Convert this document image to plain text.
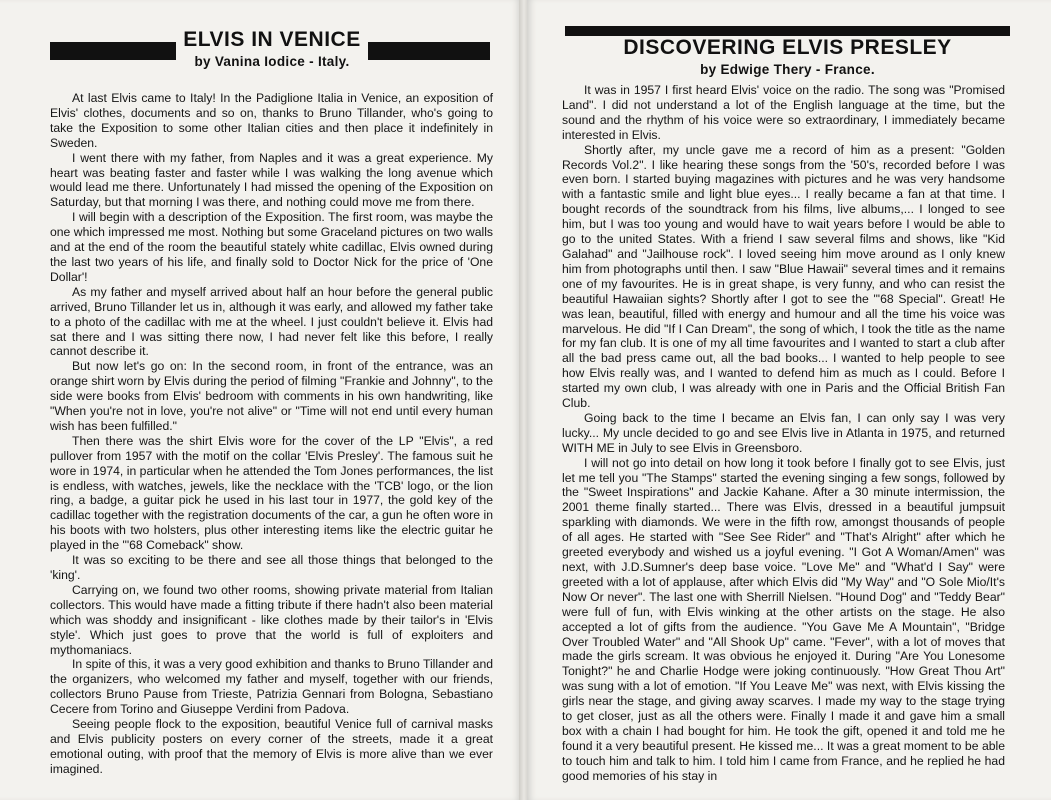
ELVIS IN VENICE
by Vanina Iodice - Italy.

At last Elvis came to Italy! In the Padiglione Italia in Venice, an exposition of Elvis' clothes, documents and so on, thanks to Bruno Tillander, who's going to take the Exposition to some other Italian cities and then place it indefinitely in Sweden.

I went there with my father, from Naples and it was a great experience. My heart was beating faster and faster while I was walking the long avenue which would lead me there. Unfortunately I had missed the opening of the Exposition on Saturday, but that morning I was there, and nothing could move me from there.

I will begin with a description of the Exposition. The first room, was maybe the one which impressed me most. Nothing but some Graceland pictures on two walls and at the end of the room the beautiful stately white cadillac, Elvis owned during the last two years of his life, and finally sold to Doctor Nick for the price of 'One Dollar'!

As my father and myself arrived about half an hour before the general public arrived, Bruno Tillander let us in, although it was early, and allowed my father take to a photo of the cadillac with me at the wheel. I just couldn't believe it. Elvis had sat there and I was sitting there now, I had never felt like this before, I really cannot describe it.

But now let's go on: In the second room, in front of the entrance, was an orange shirt worn by Elvis during the period of filming "Frankie and Johnny", to the side were books from Elvis' bedroom with comments in his own handwriting, like "When you're not in love, you're not alive" or "Time will not end until every human wish has been fulfilled."

Then there was the shirt Elvis wore for the cover of the LP "Elvis", a red pullover from 1957 with the motif on the collar 'Elvis Presley'. The famous suit he wore in 1974, in particular when he attended the Tom Jones performances, the list is endless, with watches, jewels, like the necklace with the 'TCB' logo, or the lion ring, a badge, a guitar pick he used in his last tour in 1977, the gold key of the cadillac together with the registration documents of the car, a gun he often wore in his boots with two holsters, plus other interesting items like the electric guitar he played in the "'68 Comeback" show.

It was so exciting to be there and see all those things that belonged to the 'king'.

Carrying on, we found two other rooms, showing private material from Italian collectors. This would have made a fitting tribute if there hadn't also been material which was shoddy and insignificant - like clothes made by their tailor's in 'Elvis style'. Which just goes to prove that the world is full of exploiters and mythomaniacs.

In spite of this, it was a very good exhibition and thanks to Bruno Tillander and the organizers, who welcomed my father and myself, together with our friends, collectors Bruno Pause from Trieste, Patrizia Gennari from Bologna, Sebastiano Cecere from Torino and Giuseppe Verdini from Padova.

Seeing people flock to the exposition, beautiful Venice full of carnival masks and Elvis publicity posters on every corner of the streets, made it a great emotional outing, with proof that the memory of Elvis is more alive than we ever imagined.

DISCOVERING ELVIS PRESLEY
by Edwige Thery - France.

It was in 1957 I first heard Elvis' voice on the radio. The song was "Promised Land". I did not understand a lot of the English language at the time, but the sound and the rhythm of his voice were so extraordinary, I immediately became interested in Elvis.

Shortly after, my uncle gave me a record of him as a present: "Golden Records Vol.2". I like hearing these songs from the '50's, recorded before I was even born. I started buying magazines with pictures and he was very handsome with a fantastic smile and light blue eyes... I really became a fan at that time. I bought records of the soundtrack from his films, live albums,... I longed to see him, but I was too young and would have to wait years before I would be able to go to the united States. With a friend I saw several films and shows, like "Kid Galahad" and "Jailhouse rock". I loved seeing him move around as I only knew him from photographs until then. I saw "Blue Hawaii" several times and it remains one of my favourites. He is in great shape, is very funny, and who can resist the beautiful Hawaiian sights? Shortly after I got to see the "'68 Special". Great! He was lean, beautiful, filled with energy and humour and all the time his voice was marvelous. He did "If I Can Dream", the song of which, I took the title as the name for my fan club. It is one of my all time favourites and I wanted to start a club after all the bad press came out, all the bad books... I wanted to help people to see how Elvis really was, and I wanted to defend him as much as I could. Before I started my own club, I was already with one in Paris and the Official British Fan Club.

Going back to the time I became an Elvis fan, I can only say I was very lucky... My uncle decided to go and see Elvis live in Atlanta in 1975, and returned WITH ME in July to see Elvis in Greensboro.

I will not go into detail on how long it took before I finally got to see Elvis, just let me tell you "The Stamps" started the evening singing a few songs, followed by the "Sweet Inspirations" and Jackie Kahane. After a 30 minute intermission, the 2001 theme finally started... There was Elvis, dressed in a beautiful jumpsuit sparkling with diamonds. We were in the fifth row, amongst thousands of people of all ages. He started with "See See Rider" and "That's Alright" after which he greeted everybody and wished us a joyful evening. "I Got A Woman/Amen" was next, with J.D.Sumner's deep base voice. "Love Me" and "What'd I Say" were greeted with a lot of applause, after which Elvis did "My Way" and "O Sole Mio/It's Now Or never". The last one with Sherrill Nielsen. "Hound Dog" and "Teddy Bear" were full of fun, with Elvis winking at the other artists on the stage. He also accepted a lot of gifts from the audience. "You Gave Me A Mountain", "Bridge Over Troubled Water" and "All Shook Up" came. "Fever", with a lot of moves that made the girls scream. It was obvious he enjoyed it. During "Are You Lonesome Tonight?" he and Charlie Hodge were joking continuously. "How Great Thou Art" was sung with a lot of emotion. "If You Leave Me" was next, with Elvis kissing the girls near the stage, and giving away scarves. I made my way to the stage trying to get closer, just as all the others were. Finally I made it and gave him a small box with a chain I had bought for him. He took the gift, opened it and told me he found it a very beautiful present. He kissed me... It was a great moment to be able to touch him and talk to him. I told him I came from France, and he replied he had good memories of his stay in
